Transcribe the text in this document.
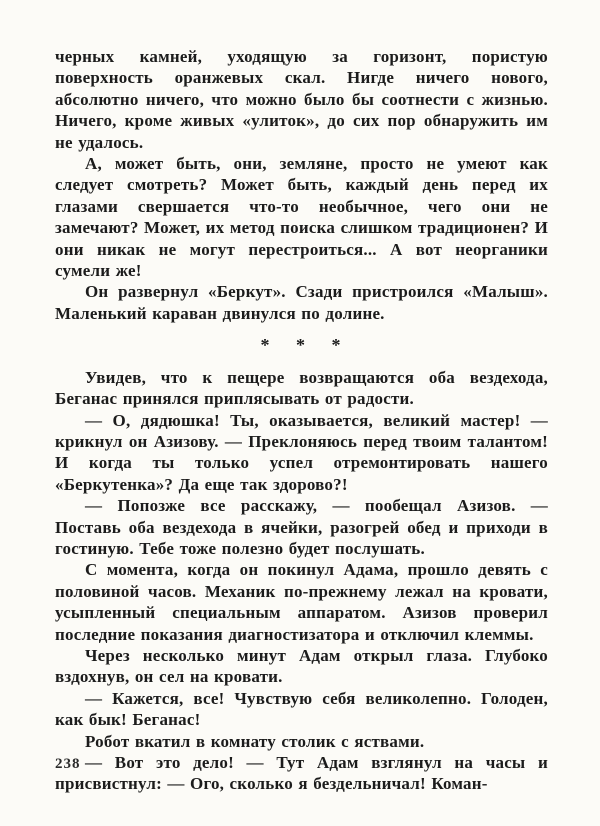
черных камней, уходящую за горизонт, пористую поверхность оранжевых скал. Нигде ничего нового, абсолютно ничего, что можно было бы соотнести с жизнью. Ничего, кроме живых «улиток», до сих пор обнаружить им не удалось.

А, может быть, они, земляне, просто не умеют как следует смотреть? Может быть, каждый день перед их глазами свершается что-то необычное, чего они не замечают? Может, их метод поиска слишком традиционен? И они никак не могут перестроиться... А вот неорганики сумели же!

Он развернул «Беркут». Сзади пристроился «Малыш». Маленький караван двинулся по долине.

* * *

Увидев, что к пещере возвращаются оба вездехода, Беганас принялся приплясывать от радости.

— О, дядюшка! Ты, оказывается, великий мастер! — крикнул он Азизову. — Преклоняюсь перед твоим талантом! И когда ты только успел отремонтировать нашего «Беркутенка»? Да еще так здорово?!

— Попозже все расскажу, — пообещал Азизов. — Поставь оба вездехода в ячейки, разогрей обед и приходи в гостиную. Тебе тоже полезно будет послушать.

С момента, когда он покинул Адама, прошло девять с половиной часов. Механик по-прежнему лежал на кровати, усыпленный специальным аппаратом. Азизов проверил последние показания диагностизатора и отключил клеммы.

Через несколько минут Адам открыл глаза. Глубоко вздохнув, он сел на кровати.

— Кажется, все! Чувствую себя великолепно. Голоден, как бык! Беганас!

Робот вкатил в комнату столик с яствами.

— Вот это дело! — Тут Адам взглянул на часы и присвистнул: — Ого, сколько я бездельничал! Коман-

238
